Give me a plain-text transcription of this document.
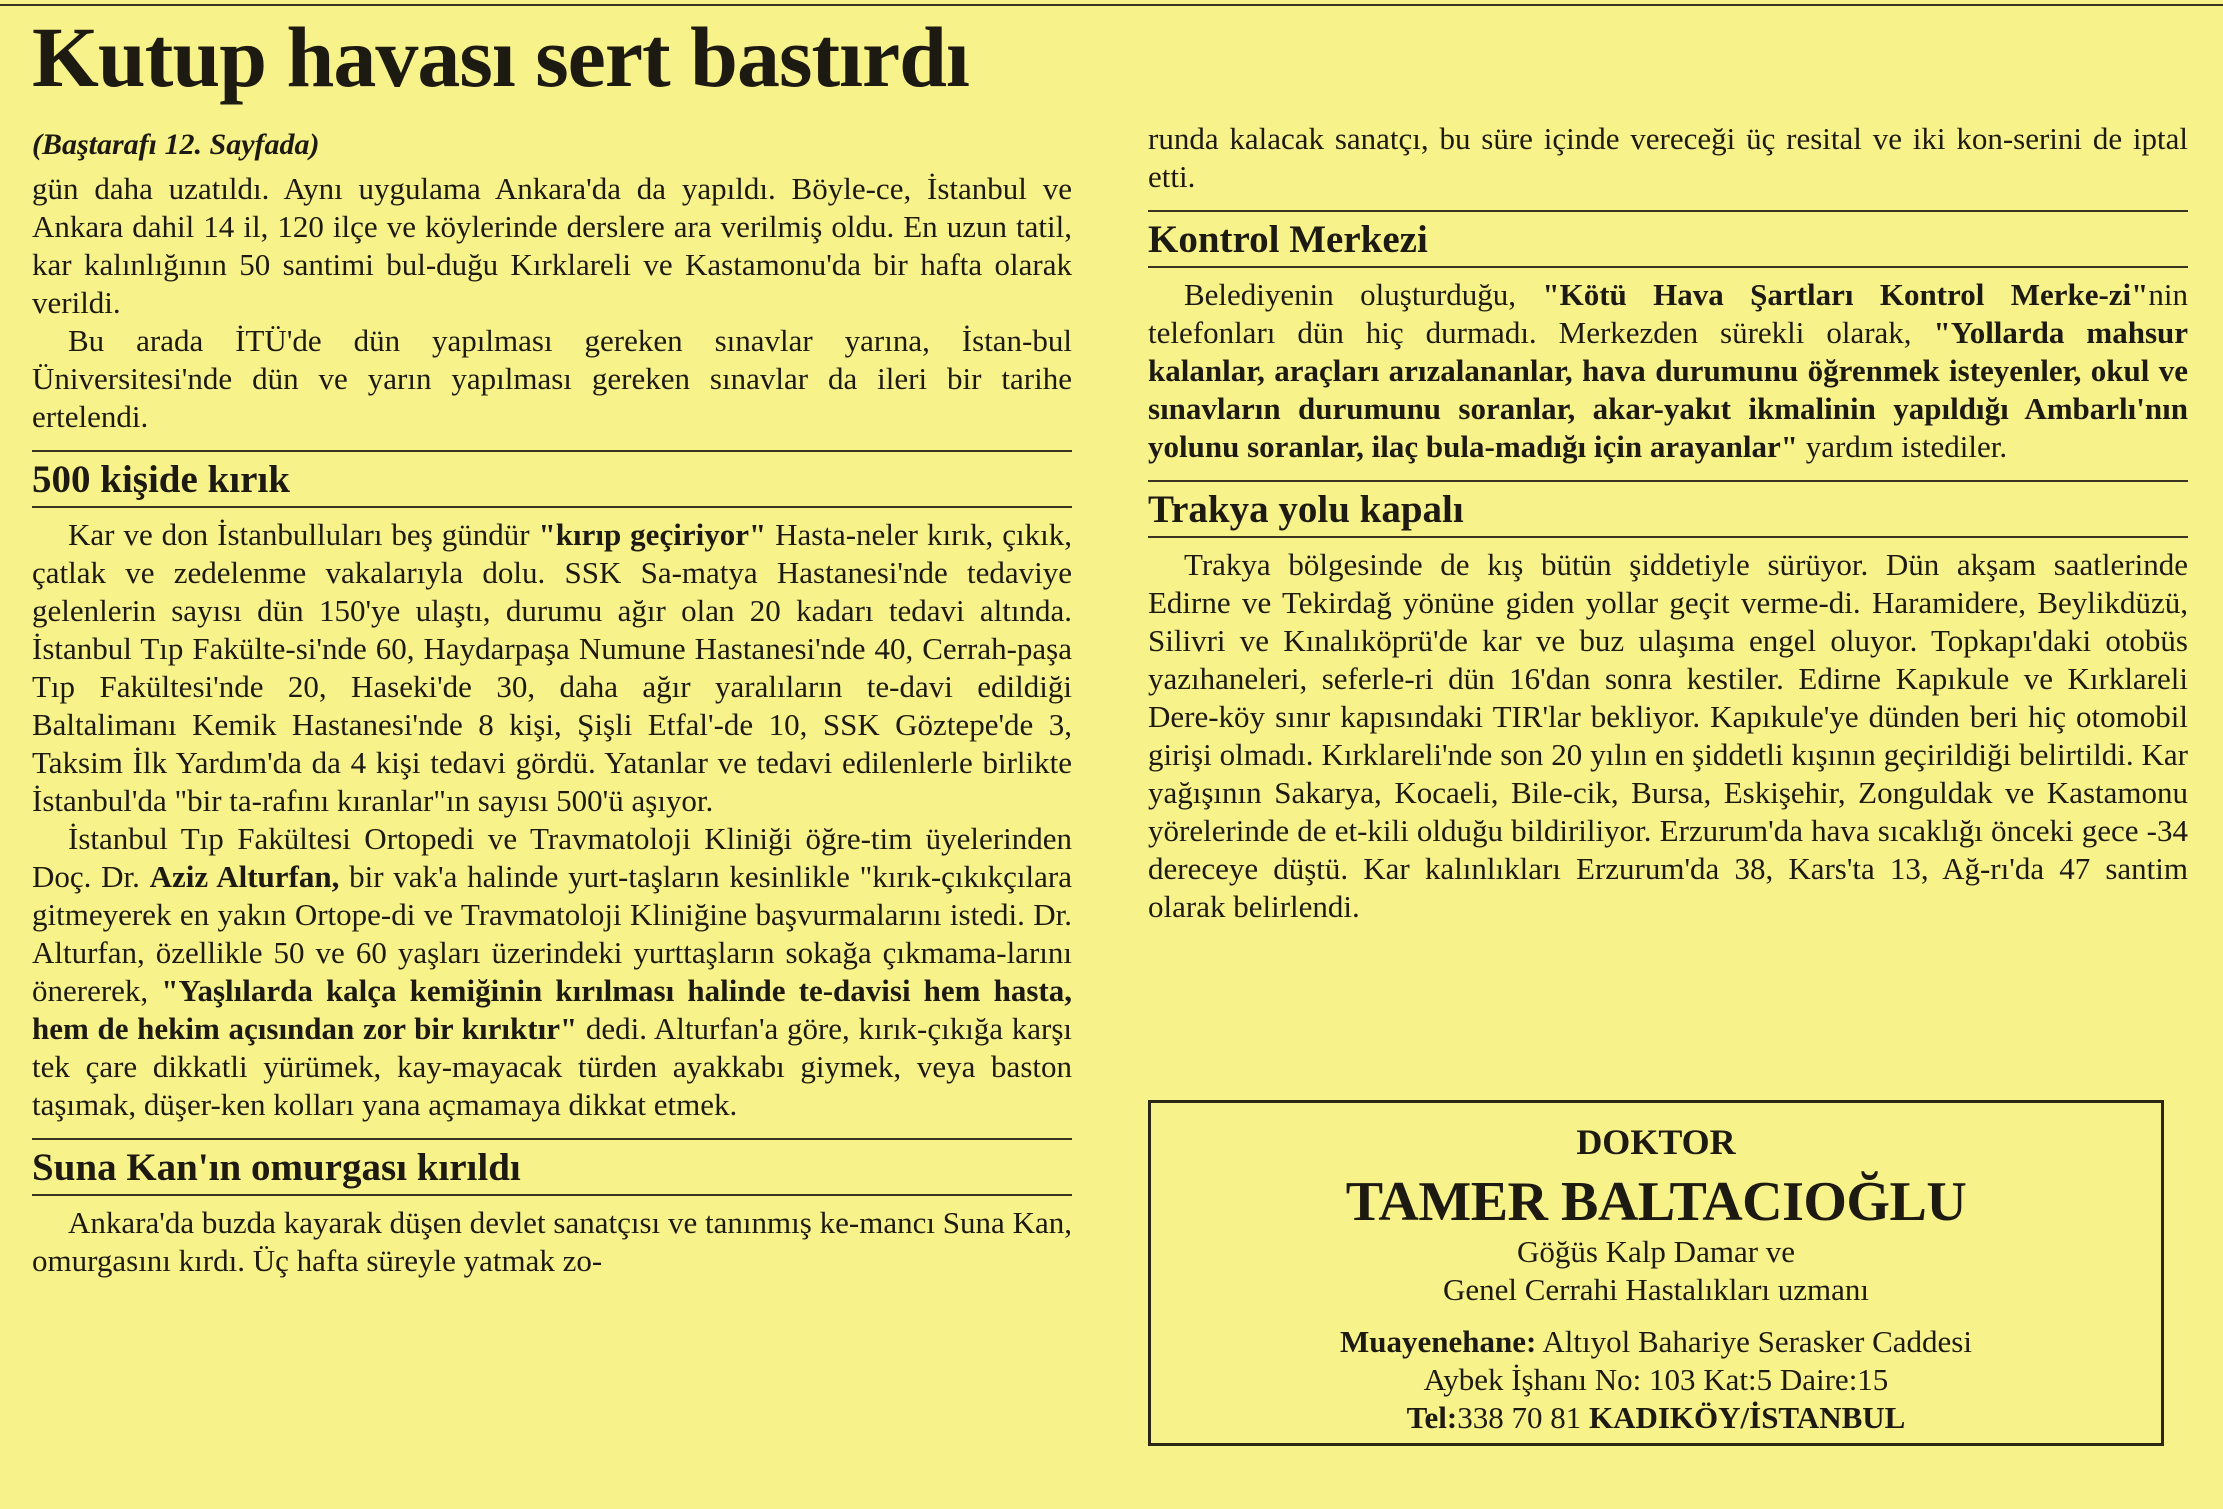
Kutup havası sert bastırdı

(Baştarafı 12. Sayfada)

gün daha uzatıldı. Aynı uygulama Ankara'da da yapıldı. Böyle-ce, İstanbul ve Ankara dahil 14 il, 120 ilçe ve köylerinde derslere ara verilmiş oldu. En uzun tatil, kar kalınlığının 50 santimi bul-duğu Kırklareli ve Kastamonu'da bir hafta olarak verildi.

Bu arada İTÜ'de dün yapılması gereken sınavlar yarına, İstan-bul Üniversitesi'nde dün ve yarın yapılması gereken sınavlar da ileri bir tarihe ertelendi.

500 kişide kırık

Kar ve don İstanbulluları beş gündür "kırıp geçiriyor" Hasta-neler kırık, çıkık, çatlak ve zedelenme vakalarıyla dolu. SSK Sa-matya Hastanesi'nde tedaviye gelenlerin sayısı dün 150'ye ulaştı, durumu ağır olan 20 kadarı tedavi altında. İstanbul Tıp Fakülte-si'nde 60, Haydarpaşa Numune Hastanesi'nde 40, Cerrah-paşa Tıp Fakültesi'nde 20, Haseki'de 30, daha ağır yaralıların te-davi edildiği Baltalimanı Kemik Hastanesi'nde 8 kişi, Şişli Etfal'-de 10, SSK Göztepe'de 3, Taksim İlk Yardım'da da 4 kişi tedavi gördü. Yatanlar ve tedavi edilenlerle birlikte İstanbul'da "bir ta-rafını kıranlar"ın sayısı 500'ü aşıyor.

İstanbul Tıp Fakültesi Ortopedi ve Travmatoloji Kliniği öğre-tim üyelerinden Doç. Dr. Aziz Alturfan, bir vak'a halinde yurt-taşların kesinlikle "kırık-çıkıkçılara gitmeyerek en yakın Ortope-di ve Travmatoloji Kliniğine başvurmalarını istedi. Dr. Alturfan, özellikle 50 ve 60 yaşları üzerindeki yurttaşların sokağa çıkmama-larını önererek, "Yaşlılarda kalça kemiğinin kırılması halinde te-davisi hem hasta, hem de hekim açısından zor bir kırıktır" dedi. Alturfan'a göre, kırık-çıkığa karşı tek çare dikkatli yürümek, kay-mayacak türden ayakkabı giymek, veya baston taşımak, düşer-ken kolları yana açmamaya dikkat etmek.

Suna Kan'ın omurgası kırıldı

Ankara'da buzda kayarak düşen devlet sanatçısı ve tanınmış ke-mancı Suna Kan, omurgasını kırdı. Üç hafta süreyle yatmak zo-

runda kalacak sanatçı, bu süre içinde vereceği üç resital ve iki kon-serini de iptal etti.

Kontrol Merkezi

Belediyenin oluşturduğu, "Kötü Hava Şartları Kontrol Merke-zi"nin telefonları dün hiç durmadı. Merkezden sürekli olarak, "Yollarda mahsur kalanlar, araçları arızalananlar, hava durumunu öğrenmek isteyenler, okul ve sınavların durumunu soranlar, akar-yakıt ikmalinin yapıldığı Ambarlı'nın yolunu soranlar, ilaç bula-madığı için arayanlar" yardım istediler.

Trakya yolu kapalı

Trakya bölgesinde de kış bütün şiddetiyle sürüyor. Dün akşam saatlerinde Edirne ve Tekirdağ yönüne giden yollar geçit verme-di. Haramidere, Beylikdüzü, Silivri ve Kınalıköprü'de kar ve buz ulaşıma engel oluyor. Topkapı'daki otobüs yazıhaneleri, seferle-ri dün 16'dan sonra kestiler. Edirne Kapıkule ve Kırklareli Dere-köy sınır kapısındaki TIR'lar bekliyor. Kapıkule'ye dünden beri hiç otomobil girişi olmadı. Kırklareli'nde son 20 yılın en şiddetli kışının geçirildiği belirtildi. Kar yağışının Sakarya, Kocaeli, Bile-cik, Bursa, Eskişehir, Zonguldak ve Kastamonu yörelerinde de et-kili olduğu bildiriliyor. Erzurum'da hava sıcaklığı önceki gece -34 dereceye düştü. Kar kalınlıkları Erzurum'da 38, Kars'ta 13, Ağ-rı'da 47 santim olarak belirlendi.

DOKTOR

TAMER BALTACIOĞLU

Göğüs Kalp Damar ve

Genel Cerrahi Hastalıkları uzmanı

Muayenehane: Altıyol Bahariye Serasker Caddesi

Aybek İşhanı No: 103 Kat:5 Daire:15

Tel:338 70 81 KADIKÖY/İSTANBUL
